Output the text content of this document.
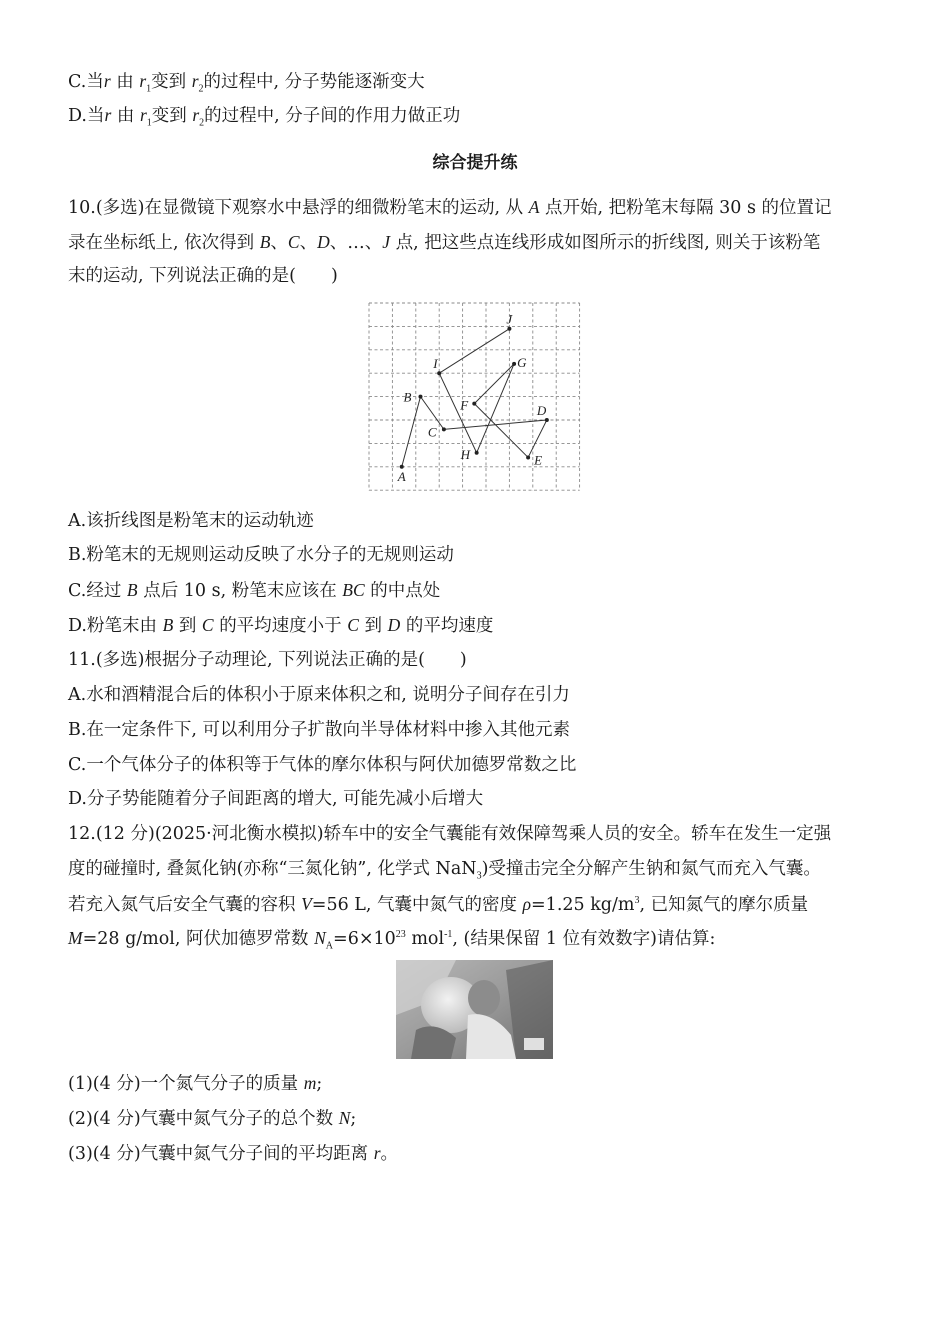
C.当r 由 $r_1$变到 $r_2$的过程中, 分子势能逐渐变大
D.当r 由 $r_1$变到 $r_2$的过程中, 分子间的作用力做正功
综合提升练
10.(多选)在显微镜下观察水中悬浮的细微粉笔末的运动, 从 A 点开始, 把粉笔末每隔 30 s 的位置记
录在坐标纸上, 依次得到 B、C、D、…、J 点, 把这些点连线形成如图所示的折线图, 则关于该粉笔
末的运动, 下列说法正确的是(　　)
A
B
C
D
E
F
G
H
I
J
A.该折线图是粉笔末的运动轨迹
B.粉笔末的无规则运动反映了水分子的无规则运动
C.经过 B 点后 10 s, 粉笔末应该在 BC 的中点处
D.粉笔末由 B 到 C 的平均速度小于 C 到 D 的平均速度
11.(多选)根据分子动理论, 下列说法正确的是(　　)
A.水和酒精混合后的体积小于原来体积之和, 说明分子间存在引力
B.在一定条件下, 可以利用分子扩散向半导体材料中掺入其他元素
C.一个气体分子的体积等于气体的摩尔体积与阿伏加德罗常数之比
D.分子势能随着分子间距离的增大, 可能先减小后增大
12.(12 分)(2025·河北衡水模拟)轿车中的安全气囊能有效保障驾乘人员的安全。轿车在发生一定强
度的碰撞时, 叠氮化钠(亦称“三氮化钠”, 化学式 NaN$_3$)受撞击完全分解产生钠和氮气而充入气囊。
若充入氮气后安全气囊的容积 V=56 L, 气囊中氮气的密度 ρ=1.25 $kg/m^3$, 已知氮气的摩尔质量
M=28 g/mol, 阿伏加德罗常数 $N_A=6\times 10^{23}$ mol$^{-1}$, (结果保留 1 位有效数字)请估算:
(1)(4 分)一个氮气分子的质量 m;
(2)(4 分)气囊中氮气分子的总个数 N;
(3)(4 分)气囊中氮气分子间的平均距离 r。
